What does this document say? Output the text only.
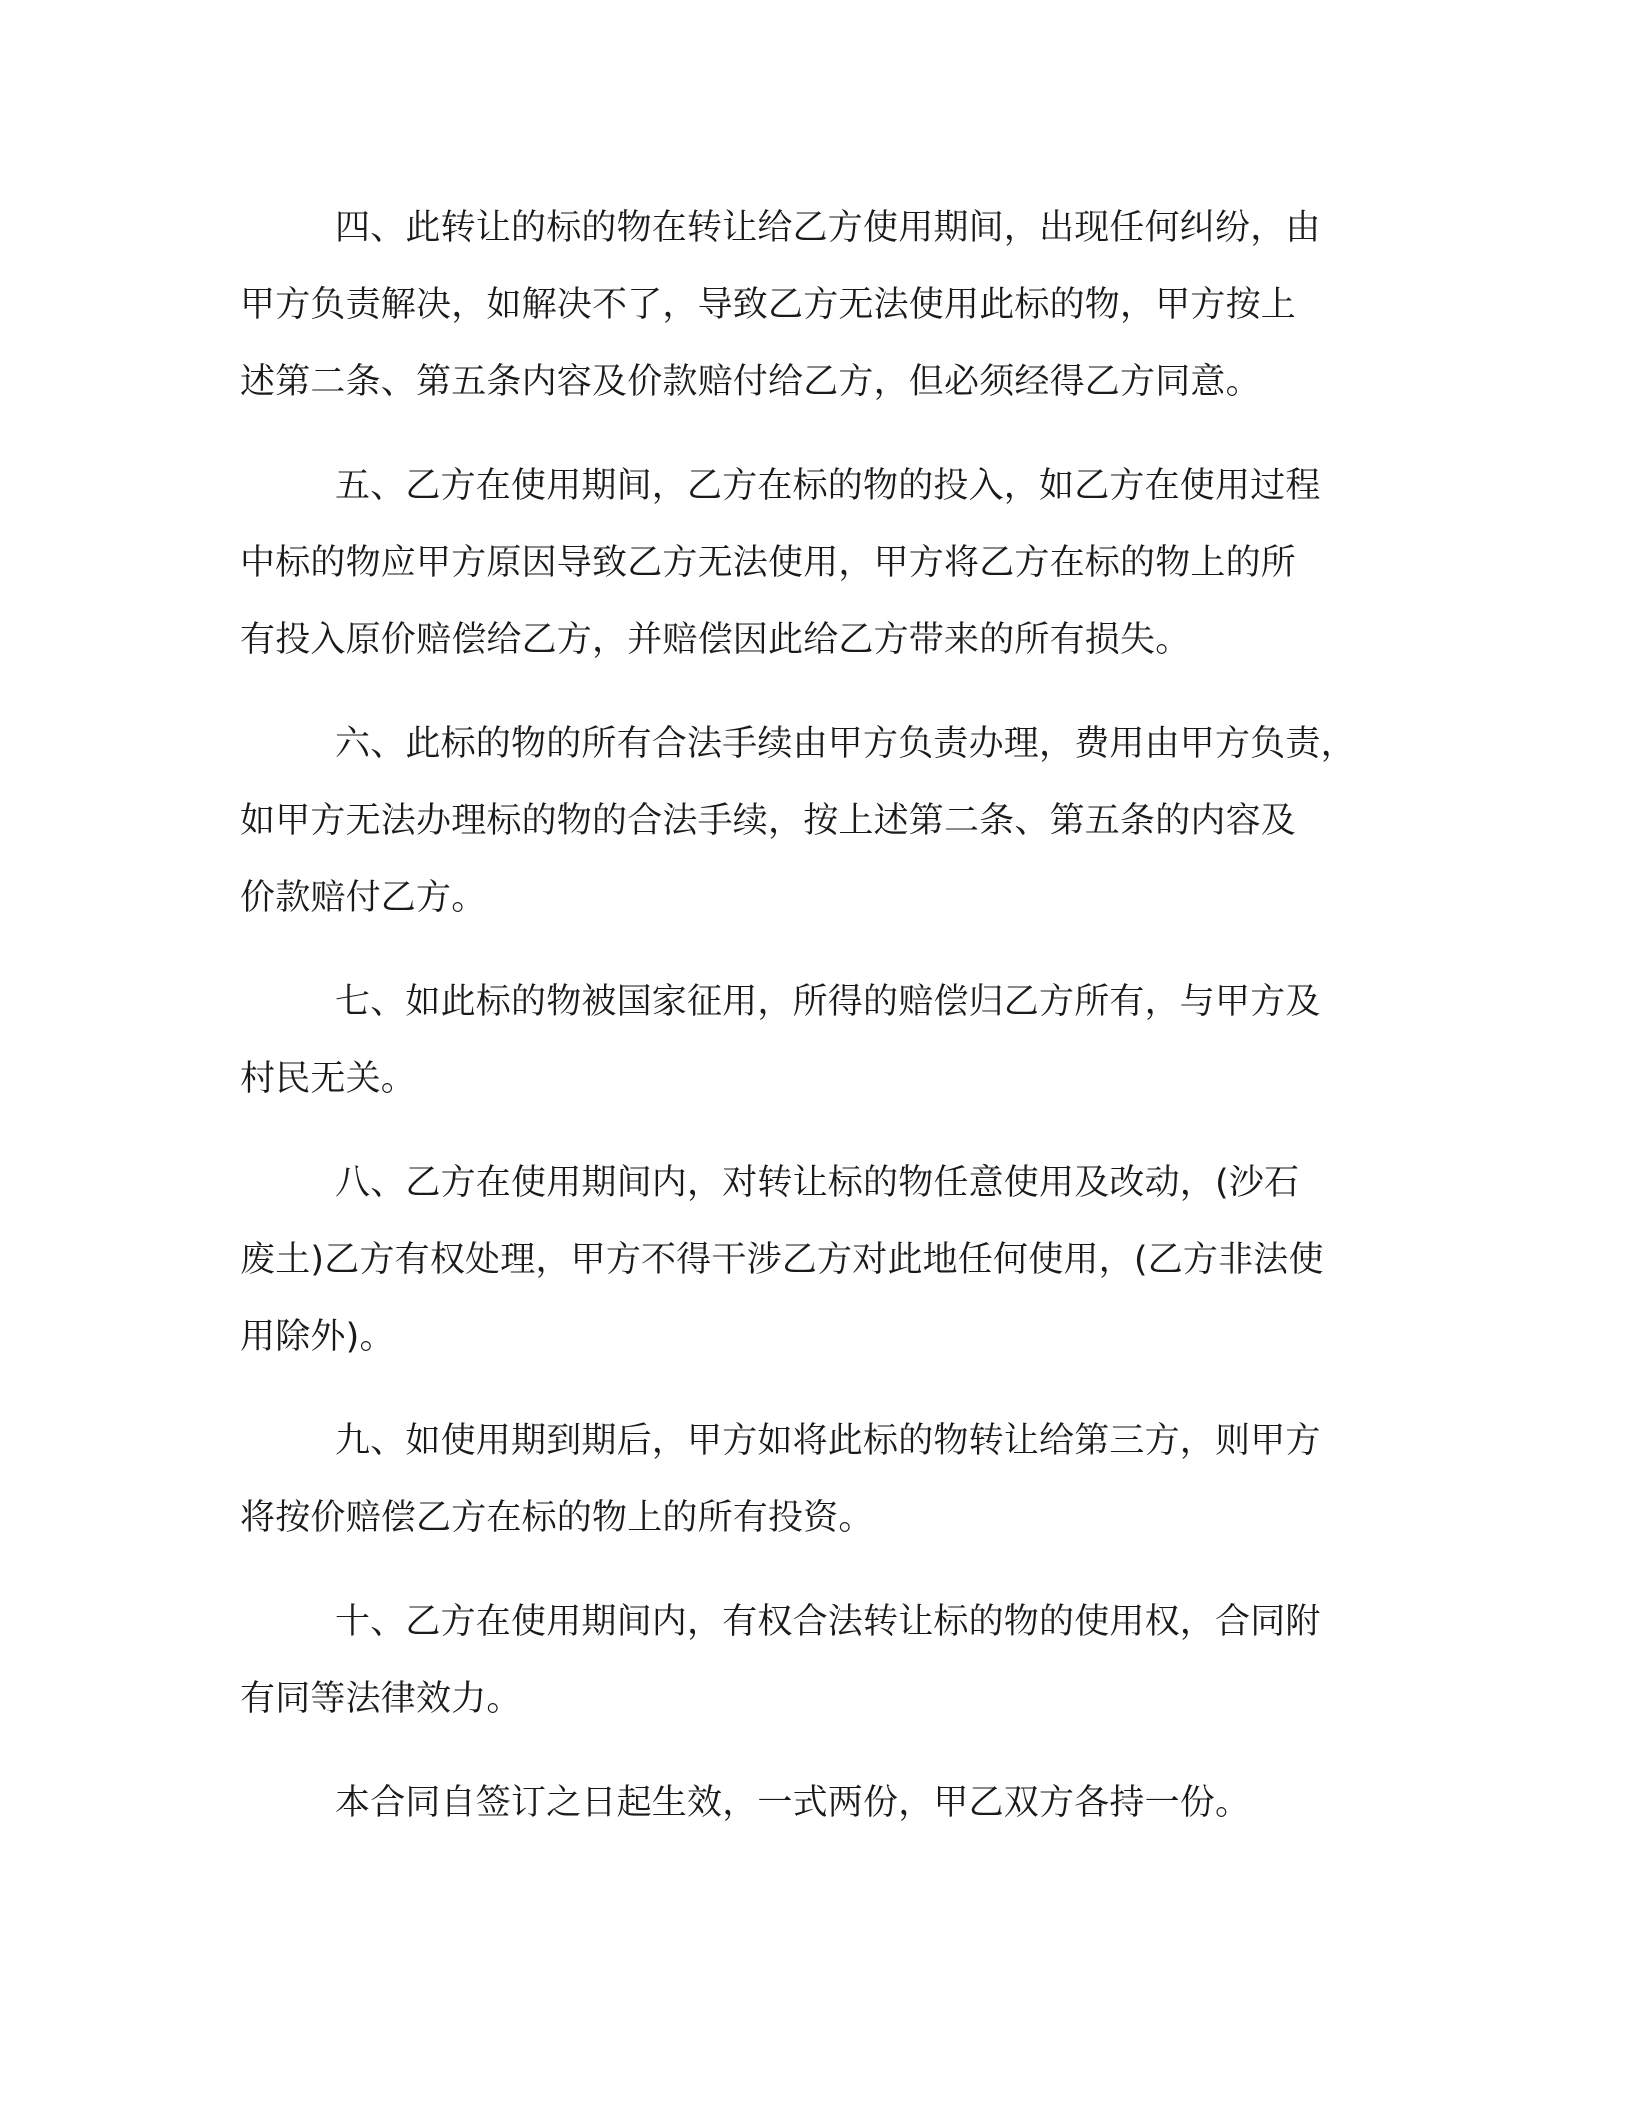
四、此转让的标的物在转让给乙方使用期间，出现任何纠纷，由
甲方负责解决，如解决不了，导致乙方无法使用此标的物，甲方按上
述第二条、第五条内容及价款赔付给乙方，但必须经得乙方同意。

五、乙方在使用期间，乙方在标的物的投入，如乙方在使用过程
中标的物应甲方原因导致乙方无法使用，甲方将乙方在标的物上的所
有投入原价赔偿给乙方，并赔偿因此给乙方带来的所有损失。

六、此标的物的所有合法手续由甲方负责办理，费用由甲方负责，
如甲方无法办理标的物的合法手续，按上述第二条、第五条的内容及
价款赔付乙方。

七、如此标的物被国家征用，所得的赔偿归乙方所有，与甲方及
村民无关。

八、乙方在使用期间内，对转让标的物任意使用及改动，(沙石
废土)乙方有权处理，甲方不得干涉乙方对此地任何使用，(乙方非法使
用除外)。

九、如使用期到期后，甲方如将此标的物转让给第三方，则甲方
将按价赔偿乙方在标的物上的所有投资。

十、乙方在使用期间内，有权合法转让标的物的使用权，合同附
有同等法律效力。

本合同自签订之日起生效，一式两份，甲乙双方各持一份。
